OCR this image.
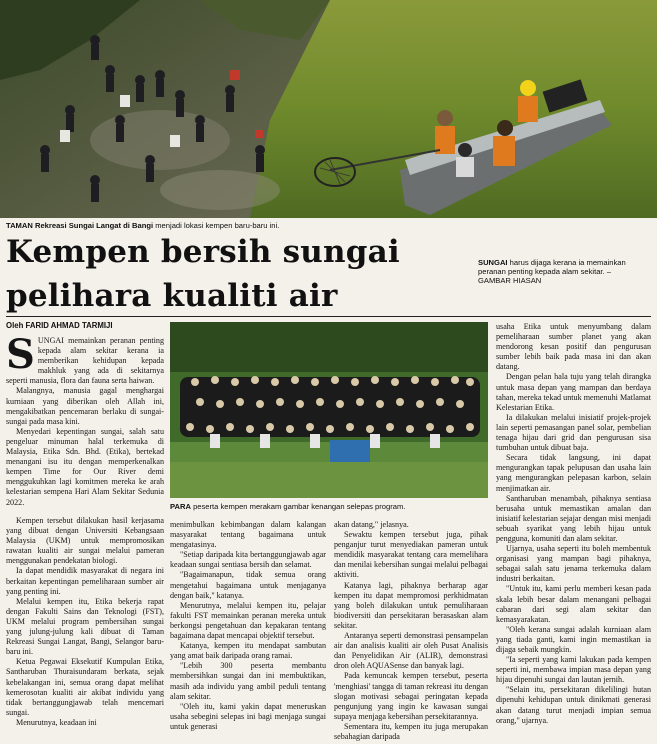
TAMAN Rekreasi Sungai Langat di Bangi menjadi lokasi kempen baru-baru ini.
SUNGAI harus dijaga kerana ia memainkan peranan penting kepada alam sekitar. – GAMBAR HIASAN
Kempen bersih sungai
pelihara kualiti air
Oleh FARID AHMAD TARMIJI
PARA peserta kempen merakam gambar kenangan selepas program.
S UNGAI memainkan peranan penting kepada alam sekitar kerana ia memberikan kehidupan kepada makhluk yang ada di sekitarnya seperti manusia, flora dan fauna serta haiwan.

Malangnya, manusia gagal menghargai kurniaan yang diberikan oleh Allah ini, mengakibatkan pencemaran berlaku di sungai-sungai pada masa kini.

Menyedari kepentingan sungai, salah satu pengeluar minuman halal terkemuka di Malaysia, Etika Sdn. Bhd. (Etika), bertekad menangani isu itu dengan memperkenalkan kempen Time for Our River demi menggukuhkan lagi komitmen mereka ke arah kelestarian sempena Hari Alam Sekitar Sedunia 2022.

Kempen tersebut dilakukan hasil kerjasama yang dibuat dengan Universiti Kebangsaan Malaysia (UKM) untuk mempromosikan rawatan kualiti air sungai melalui pameran menggunakan pendekatan biologi.

Ia dapat mendidik masyarakat di negara ini berkaitan kepentingan pemeliharaan sumber air yang penting ini.

Melalui kempen itu, Etika bekerja rapat dengan Fakulti Sains dan Teknologi (FST), UKM melalui program pembersihan sungai yang julung-julung kali dibuat di Taman Rekreasi Sungai Langat, Bangi, Selangor baru-baru ini.

Ketua Pegawai Eksekutif Kumpulan Etika, Santharuban Thuraisundaram berkata, sejak kebelakangan ini, semua orang dapat melihat kemerosotan kualiti air akibat individu yang tidak bertanggungjawab telah mencemari sungai.

Menurutnya, keadaan ini

menimbulkan kebimbangan dalam kalangan masyarakat tentang bagaimana untuk mengatasinya.

"Setiap daripada kita bertanggungjawab agar keadaan sungai sentiasa bersih dan selamat.

"Bagaimanapun, tidak semua orang mengetahui bagaimana untuk menjaganya dengan baik," katanya.

Menurutnya, melalui kempen itu, pelajar fakulti FST memainkan peranan mereka untuk berkongsi pengetahuan dan kepakaran tentang bagaimana dapat mencapai objektif tersebut.

Katanya, kempen itu mendapat sambutan yang amat baik daripada orang ramai.

"Lebih 300 peserta membantu membersihkan sungai dan ini membuktikan, masih ada individu yang ambil peduli tentang alam sekitar.

"Oleh itu, kami yakin dapat meneruskan usaha sebegini selepas ini bagi menjaga sungai untuk generasi

akan datang," jelasnya.

Sewaktu kempen tersebut juga, pihak penganjur turut menyediakan pameran untuk mendidik masyarakat tentang cara memelihara dan menilai kebersihan sungai melalui pelbagai aktiviti.

Katanya lagi, pihaknya berharap agar kempen itu dapat mempromosi perkhidmatan yang boleh dilakukan untuk pemuliharaan biodiversiti dan persekitaran berasaskan alam sekitar.

Antaranya seperti demonstrasi pensampelan air dan analisis kualiti air oleh Pusat Analisis dan Penyelidikan Air (ALIR), demonstrasi dron oleh AQUASense dan banyak lagi.

Pada kemuncak kempen tersebut, peserta 'menghiasi' tangga di taman rekreasi itu dengan slogan motivasi sebagai peringatan kepada pengunjung yang ingin ke kawasan sungai supaya menjaga kebersihan persekitarannya.

Sementara itu, kempen itu juga merupakan sebahagian daripada

usaha Etika untuk menyumbang dalam pemeliharaan sumber planet yang akan mendorong kesan positif dan pengurusan sumber lebih baik pada masa ini dan akan datang.

Dengan pelan hala tuju yang telah dirangka untuk masa depan yang mampan dan berdaya tahan, mereka tekad untuk memenuhi Matlamat Kelestarian Etika.

Ia dilakukan melalui inisiatif projek-projek lain seperti pemasangan panel solar, pembelian tenaga hijau dari grid dan pengurusan sisa tumbuhan untuk dibuat baja.

Secara tidak langsung, ini dapat mengurangkan tapak pelupusan dan usaha lain yang mengurangkan pelepasan karbon, selain menjimatkan air.

Santharuban menambah, pihaknya sentiasa berusaha untuk memastikan amalan dan inisiatif kelestarian sejajar dengan misi menjadi sebuah syarikat yang lebih hijau untuk pengguna, komuniti dan alam sekitar.

Ujarnya, usaha seperti itu boleh membentuk organisasi yang mampan bagi pihaknya, sebagai salah satu jenama terkemuka dalam industri berkaitan.

"Untuk itu, kami perlu memberi kesan pada skala lebih besar dalam menangani pelbagai cabaran dari segi alam sekitar dan kemasyarakatan.

"Oleh kerana sungai adalah kurniaan alam yang tiada ganti, kami ingin memastikan ia dijaga sebaik mungkin.

"Ia seperti yang kami lakukan pada kempen seperti ini, membawa impian masa depan yang hijau dipenuhi sungai dan lautan jernih.

"Selain itu, persekitaran dikelilingi hutan dipenuhi kehidupan untuk dinikmati generasi akan datang turut menjadi impian semua orang," ujarnya.
